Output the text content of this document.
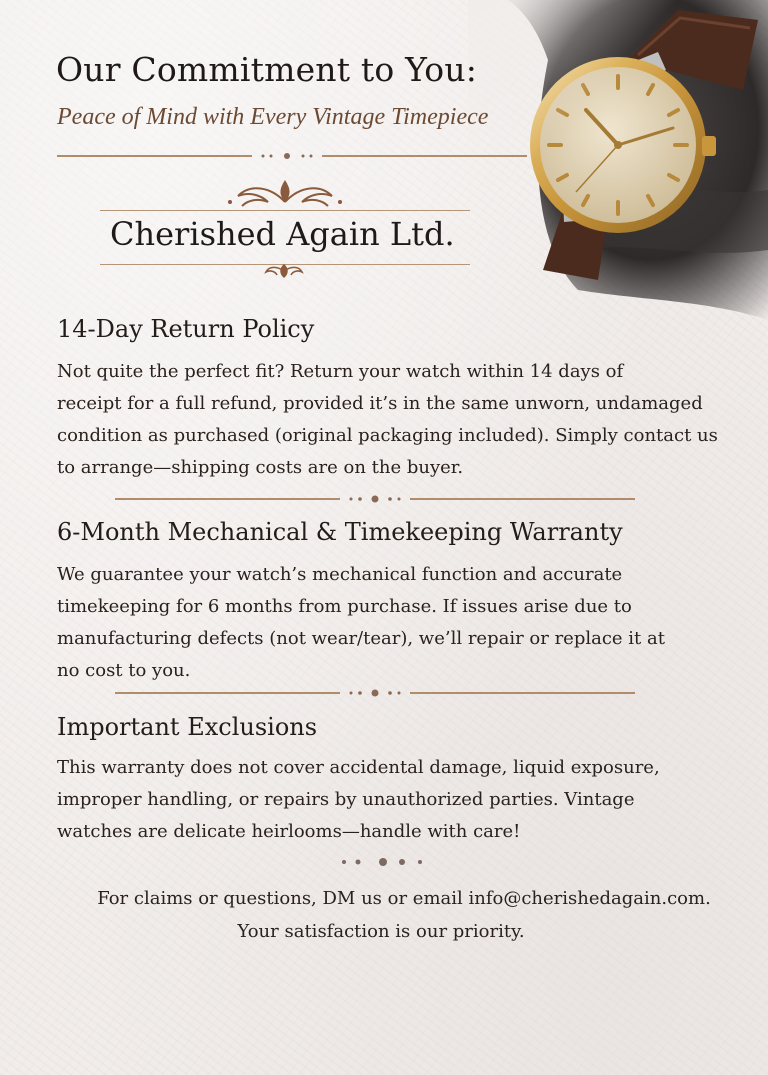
Our Commitment to You:
Peace of Mind with Every Vintage Timepiece
Cherished Again Ltd.
14-Day Return Policy

Not quite the perfect fit? Return your watch within 14 days of
receipt for a full refund, provided it’s in the same unworn, undamaged
condition as purchased (original packaging included). Simply contact us
to arrange—shipping costs are on the buyer.

6-Month Mechanical & Timekeeping Warranty

We guarantee your watch’s mechanical function and accurate
timekeeping for 6 months from purchase. If issues arise due to
manufacturing defects (not wear/tear), we’ll repair or replace it at
no cost to you.

Important Exclusions

This warranty does not cover accidental damage, liquid exposure,
improper handling, or repairs by unauthorized parties. Vintage
watches are delicate heirlooms—handle with care!

For claims or questions, DM us or email info@cherishedagain.com.

Your satisfaction is our priority.
